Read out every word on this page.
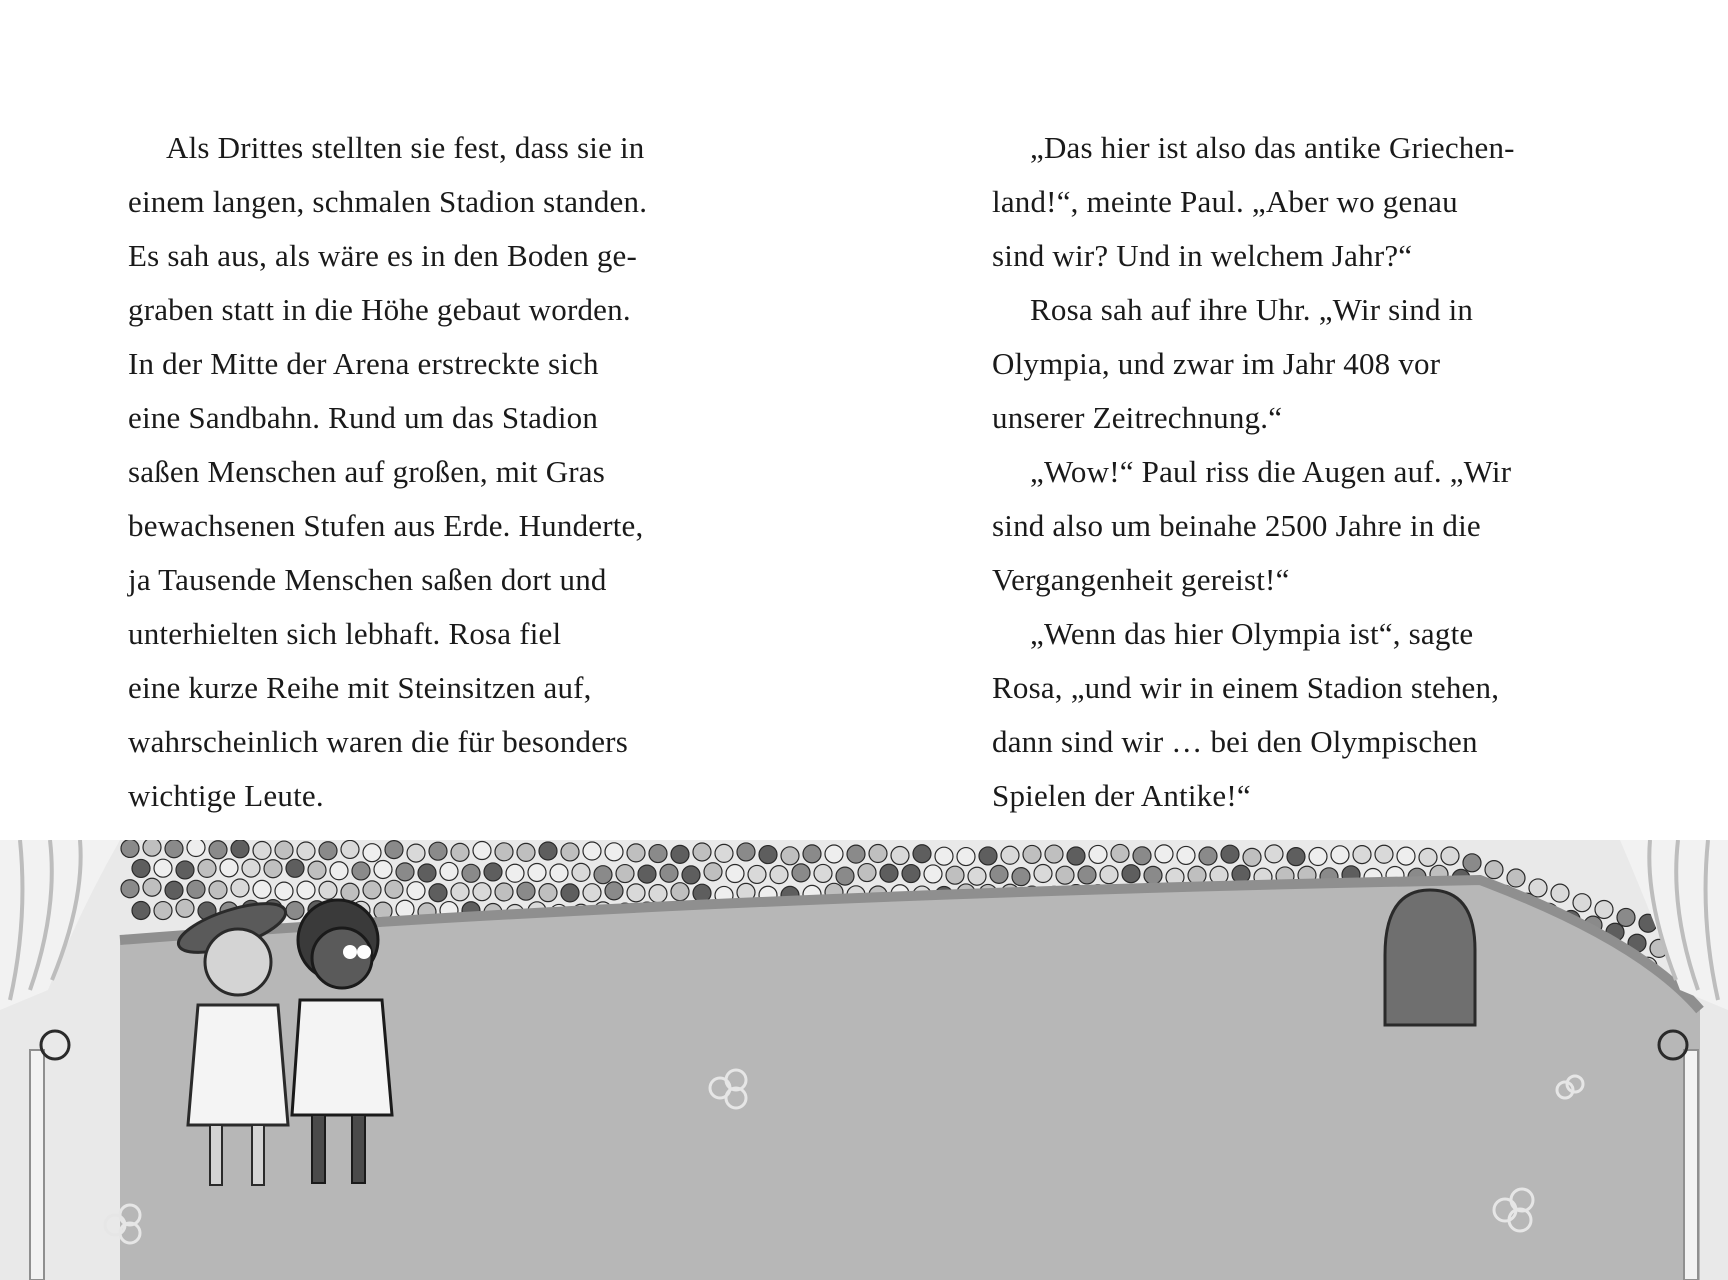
Als Drittes stellten sie fest, dass sie in
einem langen, schmalen Stadion standen.
Es sah aus, als wäre es in den Boden ge-
graben statt in die Höhe gebaut worden.
In der Mitte der Arena erstreckte sich
eine Sandbahn. Rund um das Stadion
saßen Menschen auf großen, mit Gras
bewachsenen Stufen aus Erde. Hunderte,
ja Tausende Menschen saßen dort und
unterhielten sich lebhaft. Rosa fiel
eine kurze Reihe mit Steinsitzen auf,
wahrscheinlich waren die für besonders
wichtige Leute.
„Das hier ist also das antike Griechen-
land!“, meinte Paul. „Aber wo genau
sind wir? Und in welchem Jahr?“
Rosa sah auf ihre Uhr. „Wir sind in
Olympia, und zwar im Jahr 408 vor
unserer Zeitrechnung.“
„Wow!“ Paul riss die Augen auf. „Wir
sind also um beinahe 2500 Jahre in die
Vergangenheit gereist!“
„Wenn das hier Olympia ist“, sagte
Rosa, „und wir in einem Stadion stehen,
dann sind wir … bei den Olympischen
Spielen der Antike!“
